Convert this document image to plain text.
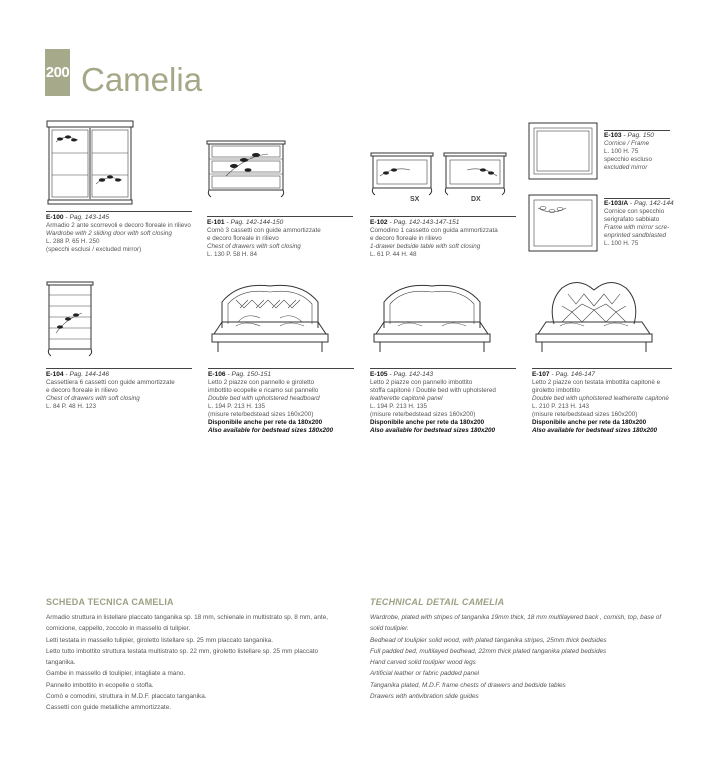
200 Camelia
E-100 - Pag. 143-145
Armadio 2 ante scorrevoli e decoro floreale in rilievo
Wardrobe with 2 sliding door with soft closing
L. 288 P. 65 H. 250
(specchi esclusi / excluded mirror)
E-101 - Pag. 142-144-150
Comò 3 cassetti con guide ammortizzate
e decoro floreale in rilievo
Chest of drawers with soft closing
L. 130 P. 58 H. 84
SX	DX
E-102 - Pag. 142-143-147-151
Comodino 1 cassetto con guida ammortizzata
e decoro floreale in rilievo
1-drawer bedside table with soft closing
L. 61 P. 44 H. 48
E-103 - Pag. 150
Cornice / Frame
L. 100 H. 75
specchio escluso
excluded mirror
E-103/A - Pag. 142-144
Cornice con specchio
serigrafato sabbiato
Frame with mirror scre-
enprinted sandblasted
L. 100 H. 75
E-104 - Pag. 144-146
Cassettiera 6 cassetti con guide ammortizzate
e decoro floreale in rilievo
Chest of drawers with soft closing
L. 84 P. 48 H. 123
E-106 - Pag. 150-151
Letto 2 piazze con pannello e giroletto
imbottito ecopelle e ricamo sul pannello
Double bed with upholstered headboard
L. 194 P. 213 H. 135
(misure rete/bedstead sizes 160x200)
Disponibile anche per rete da 180x200
Also available for bedstead sizes 180x200
E-105 - Pag. 142-143
Letto 2 piazze con pannello imbottito
stoffa capitonè / Double bed with upholstered
leatherette capitonè panel
L. 194 P. 213 H. 135
(misure rete/bedstead sizes 160x200)
Disponibile anche per rete da 180x200
Also available for bedstead sizes 180x200
E-107 - Pag. 146-147
Letto 2 piazze con testata imbottita capitonè e
giroletto imbottito
Double bed with upholstered leatherette capitonè
L. 210 P. 213 H. 143
(misure rete/bedstead sizes 160x200)
Disponibile anche per rete da 180x200
Also available for bedstead sizes 180x200
SCHEDA TECNICA CAMELIA
Armadio struttura in listellare placcato tanganika sp. 18 mm, schienale in multistrato sp. 8 mm, ante,
cornicione, cappello, zoccolo in massello di tulipier.
Letti testata in massello tulipier, giroletto listellare sp. 25 mm placcato tanganika.
Letto tutto imbottito struttura testata multistrato sp. 22 mm, giroletto listellare sp. 25 mm placcato
tanganika.
Gambe in massello di toulipier, intagliate a mano.
Pannello imbottito in ecopelle o stoffa.
Comò e comodini, struttura in M.D.F. placcato tanganika.
Cassetti con guide metalliche ammortizzate.
TECHNICAL DETAIL CAMELIA
Wardrobe, plated with stripes of tanganika 19mm thick, 18 mm multilayered back , cornish, top, base of
solid toulipier.
Bedhead of toulipier solid wood, with plated tanganika stripes, 25mm thick bedsides
Full padded bed, multilayed bedhead, 22mm thick plated tanganika plated bedsides
Hand carved solid toulipier wood legs
Artificial leather or fabric padded panel
Tanganika plated, M.D.F. frame chests of drawers and bedside tables
Drawers with antivibration slide guides
